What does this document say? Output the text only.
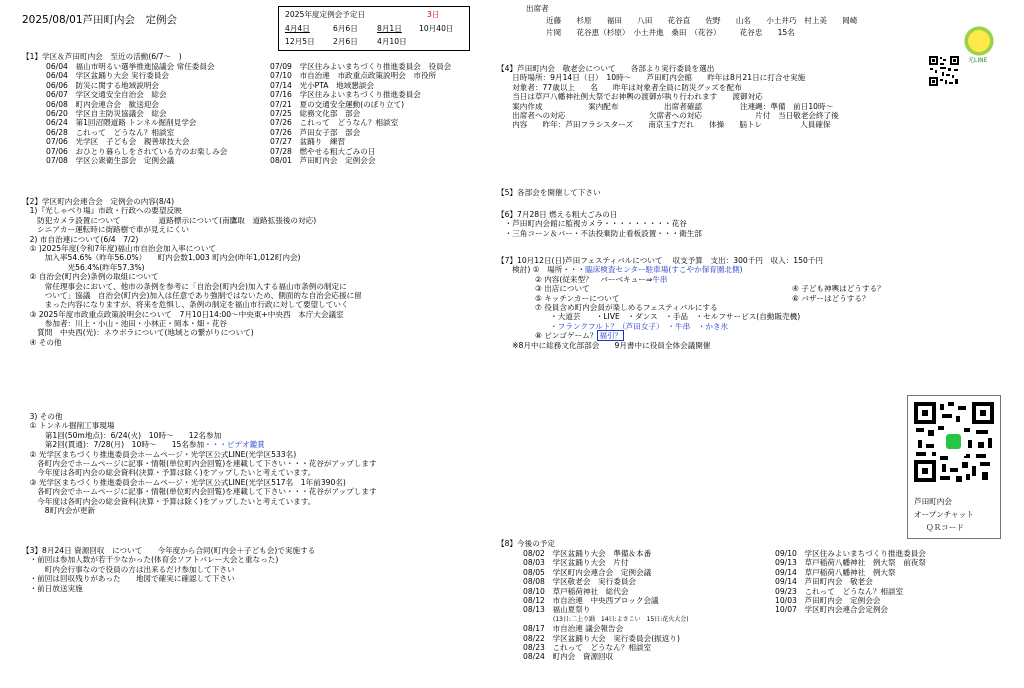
2025/08/01芦田町内会　定例会	2025年度定例会予定日	3日
4月4日	6月6日	8月1日 10月40日
12月5日 2月6日	4月10日
出席者
近藤　　杉原　　福田　　八田　　花谷直　　佐野　　山名　　小土井巧　村上美　　岡崎
片岡　　花谷恵（杉原）　小土井進　桑田　（花谷）　　　花谷忠　　15名
光LINE
【1】学区＆芦田町内会　至近の活動(6/7～　)
06/04　福山市明るい選挙推進協議会 常任委員会
06/04　学区盆踊り大会 実行委員会
06/06　防災に関する地域説明会
06/07　学区交通安全自治会　総会
06/08　町内会連合会　歓送迎会
06/20　学区自主防災協議会　総会
06/24　第1回沼隈道路 トンネル掘削見学会
06/28　これって　どうなん？相談室
07/06　光学区　子ども会　親善球技大会
07/06　おひとり暮らしをされている方のお楽しみ会
07/08　学区公衆衛生部会　定例会議
07/09　学区住みよいまちづくり推進委員会　役員会
07/10　市自治連　市政重点政策説明会　市役所
07/14　光小PTA　地域懇談会
07/16　学区住みよいまちづくり推進委員会
07/21　夏の交通安全運動(のぼり立て)
07/25　総務文化部　部会
07/26　これって　どうなん？相談室
07/26　芦田女子部　部会
07/27　盆踊り　練習
07/28　燃やせる粗大ごみの日
08/01　芦田町内会　定例会会
【2】学区町内会連合会　定例会の内容(8/4)
　1)『光しゃべり場』市政・行政への要望反映
　　防犯カメラ設置について　　　　　道路標示について(南鷹取　道路拡張後の対応)
　　シニアカー運転時に街路樹で車が見えにくい
　2) 市自治連について(6/4　7/2)
　① )2025年度(令和7年度)福山市自治会加入率について
　　　加入率54.6%（昨年56.0%）　　町内会数1,003 町内会(昨年1,012町内会)
　　　　　　光56.4%(昨年57.3%)
　② 自治会(町内会)条例の取組について
　　　常任理事会において、他市の条例を参考に「自治会(町内会)加入する福山市条例の制定に
　　　ついて」協議　自治会(町内会)加入は任意であり強制ではないため、側面的な自治会応援に留
　　　まった内容になりますが、将来を危惧し、条例の制定を福山市行政に対して要望していく
　③ 2025年度市政重点政策説明会について　7月10日14:00～中央東+中央西　本庁大会議室
　　　参加者：川上・小山・池田・小林正・岡本・畑・花谷
　　質問　中央西(光)：ネウボラについて(地域との繋がりについて)
　④ その他
　3) その他
　① トンネル掘削工事現場
　　　第1回(50m地点)：6/24(火)　10時～　　12名参加
　　　第2回(貫通)：7/28(月)　10時～　　15名参加・・・ビデオ鑑賞
　② 光学区まちづくり推進委員会ホームページ・光学区公式LINE(光学区533名)
　　各町内会でホームページに記事・情報(単位町内会回覧)を連載して下さい・・・花谷がアップします
　　今年度は各町内会の総会資料(決算・予算は除く)をアップしたいと考えています。
　③ 光学区まちづくり推進委員会ホームページ・光学区公式LINE(光学区517名　1年前390名)
　　各町内会でホームページに記事・情報(単位町内会回覧)を連載して下さい・・・花谷がアップします
　　今年度は各町内会の総会資料(決算・予算は除く)をアップしたいと考えています。
　　　8町内会が更新
【3】8月24日 資源回収　について　　今年度から合同(町内会＋子ども会)で実施する
　・前回は参加人数が若干少なかった(体育会ソフトバレー大会と重なった)
　　　町内会行事なので役員の方は出来るだけ参加して下さい
　・前回は回収残りがあった　　地図で確実に確認して下さい
　・前日放送実施
【4】芦田町内会　敬老会について　　各部より実行委員を選出
　　日時場所：9月14日（日）　10時～　　芦田町内会館　　昨年は8月21日に打合せ実施
　　対象者：77歳以上　　名　　昨年は対象者全員に防災グッズを配布
　　当日は草戸八幡神社例大祭でお神輿の渡御が執り行われます　　渡御対応
　　案内作成　　　　　　案内配布　　　　　　出席者確認　　　　　注連縄：準備　前日10時～
　　出席者への対応　　　　　　　　　　　欠席者への対応　　　　　　　片付　当日敬老会終了後
　　内容　　昨年：芦田フラシスターズ　　南京玉すだれ　　体操　　脳トレ　　　　　人員確保
【5】各部会を開催して下さい
【6】7月28日 燃える粗大ごみの日
　・芦田町内会館に監視カメラ・・・・・・・・・花谷
　・三角コーン＆バー・不法投棄防止看板設置・・・衛生部
【7】10月12日(日)芦田フェスティバルについて　 収支予算　支出：300千円　収入：150千円
　　検討) ①　場所・・・臨床検査センター駐車場(すこやか保育園北側)
　　　　　② 内容(従来型？　バーベキュー⇒牛串
　　　　　③ 出店について	④ 子ども神輿はどうする？
　　　　　⑤ キッチンカーについて	⑥ バザーはどうする？
　　　　　⑦ 役員含め町内会員が楽しめるフェスティバルにする
　　　　　　　・大道芸　　・LIVE　・ダンス　・手品　・セルフサービス(自動販売機)
　　　　　　　・フランクフルト？（芦田女子）　・牛串　・かき氷
　　　　　⑧ ビンゴゲーム？ 福引？
　　※8月中に総務文化部部会　　9月書中に役員全体会議開催
芦田町内会
オープンチャット
ＱＲコード
【8】今後の予定
08/02　学区盆踊り大会　準備＆本番
08/03　学区盆踊り大会　片付
08/05　学区町内会連合会　定例会議
08/08　学区敬老会　実行委員会
08/10　草戸稲荷神社　総代会
08/12　市自治連　中央西ブロック会議
08/13　福山夏祭り
(13日:二上り踊　14日:よさこい　15日:花火大会)
08/17　市自治連 議会報告会
08/22　学区盆踊り大会　実行委員会(振返り)
08/23　これって　どうなん？相談室
08/24　町内会　資源回収
09/10　学区住みよいまちづくり推進委員会
09/13　草戸稲荷八幡神社　例大祭　前夜祭
09/14　草戸稲荷八幡神社　例大祭
09/14　芦田町内会　敬老会
09/23　これって　どうなん？相談室
10/03　芦田町内会　定例会会
10/07　学区町内会連合会定例会
